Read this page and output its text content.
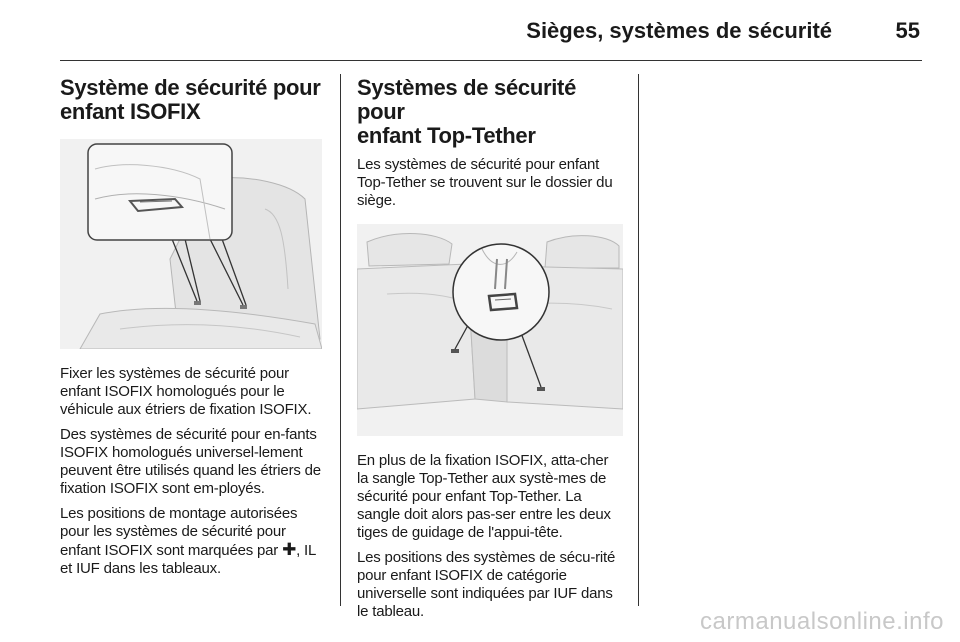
Sièges, systèmes de sécurité	55
Système de sécurité pour
enfant ISOFIX

Fixer les systèmes de sécurité pour enfant ISOFIX homologués pour le véhicule aux étriers de fixation ISOFIX.

Des systèmes de sécurité pour en-fants ISOFIX homologués universel-lement peuvent être utilisés quand les étriers de fixation ISOFIX sont em-ployés.

Les positions de montage autorisées pour les systèmes de sécurité pour enfant ISOFIX sont marquées par ✚, IL et IUF dans les tableaux.

Systèmes de sécurité pour
enfant Top-Tether

Les systèmes de sécurité pour enfant Top-Tether se trouvent sur le dossier du siège.

En plus de la fixation ISOFIX, atta-cher la sangle Top-Tether aux systè-mes de sécurité pour enfant Top-Tether. La sangle doit alors pas-ser entre les deux tiges de guidage de l'appui-tête.

Les positions des systèmes de sécu-rité pour enfant ISOFIX de catégorie universelle sont indiquées par IUF dans le tableau.	carmanualsonline.info
